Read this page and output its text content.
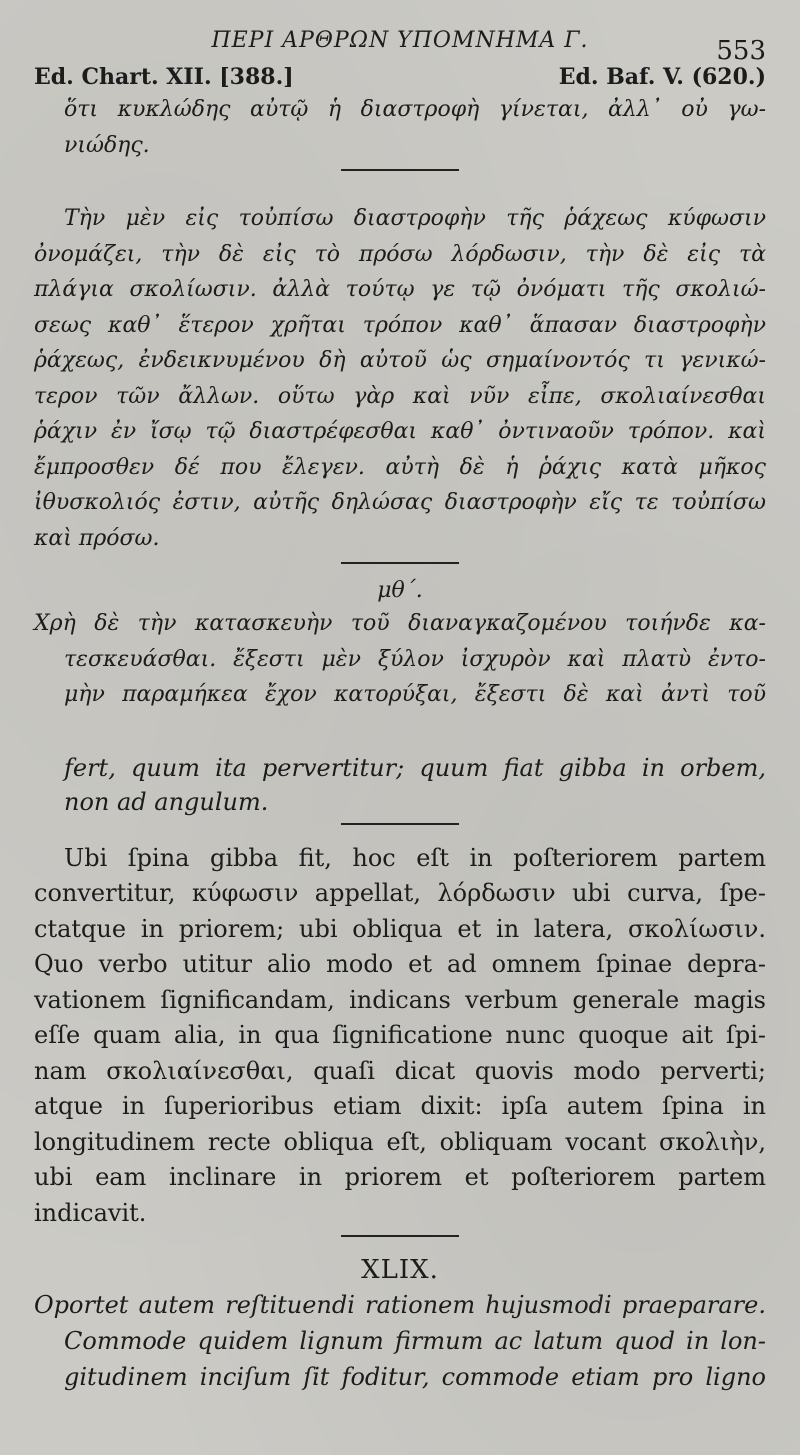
ΠΕΡΙ ΑΡΘΡΩΝ ΥΠΟΜΝΗΜΑ Γ.	553
Ed. Chart. XII. [388.]	Ed. Baf. V. (620.)
ὅτι κυκλώδης αὐτῷ ἡ διαστροφὴ γίνεται, ἀλλ᾿ οὐ γω-
νιώδης.
Τὴν μὲν εἰς τοὐπίσω διαστροφὴν τῆς ῥάχεως κύφωσιν
ὀνομάζει, τὴν δὲ εἰς τὸ πρόσω λόρδωσιν, τὴν δὲ εἰς τὰ
πλάγια σκολίωσιν. ἀλλὰ τούτῳ γε τῷ ὀνόματι τῆς σκολιώ-
σεως καθ᾿ ἕτερον χρῆται τρόπον καθ᾿ ἅπασαν διαστροφὴν
ῥάχεως, ἐνδεικνυμένου δὴ αὐτοῦ ὡς σημαίνοντός τι γενικώ-
τερον τῶν ἄλλων. οὕτω γὰρ καὶ νῦν εἶπε, σκολιαίνεσθαι
ῥάχιν ἐν ἴσῳ τῷ διαστρέφεσθαι καθ᾿ ὀντιναοῦν τρόπον. καὶ
ἔμπροσθεν δέ που ἔλεγεν. αὐτὴ δὲ ἡ ῥάχις κατὰ μῆκος
ἰθυσκολιός ἐστιν, αὐτῆς δηλώσας διαστροφὴν εἴς τε τοὐπίσω
καὶ πρόσω.
μθ΄.
Χρὴ δὲ τὴν κατασκευὴν τοῦ διαναγκαζομένου τοιήνδε κα-
τεσκευάσθαι. ἔξεστι μὲν ξύλον ἰσχυρὸν καὶ πλατὺ ἐντο-
μὴν παραμήκεα ἔχον κατορύξαι, ἔξεστι δὲ καὶ ἀντὶ τοῦ
fert, quum ita pervertitur; quum fiat gibba in orbem,
non ad angulum.
Ubi ſpina gibba fit, hoc eſt in poſteriorem partem
convertitur, κύφωσιν appellat, λόρδωσιν ubi curva, ſpe-
ctatque in priorem; ubi obliqua et in latera, σκολίωσιν.
Quo verbo utitur alio modo et ad omnem ſpinae depra-
vationem ſignificandam, indicans verbum generale magis
eſſe quam alia, in qua ſignificatione nunc quoque ait ſpi-
nam σκολιαίνεσθαι, quaſi dicat quovis modo perverti;
atque in ſuperioribus etiam dixit: ipſa autem ſpina in
longitudinem recte obliqua eſt, obliquam vocant σκολιὴν,
ubi eam inclinare in priorem et poſteriorem partem
indicavit.
XLIX.
Oportet autem reſtituendi rationem hujusmodi praeparare.
Commode quidem lignum firmum ac latum quod in lon-
gitudinem inciſum ſit foditur, commode etiam pro ligno
